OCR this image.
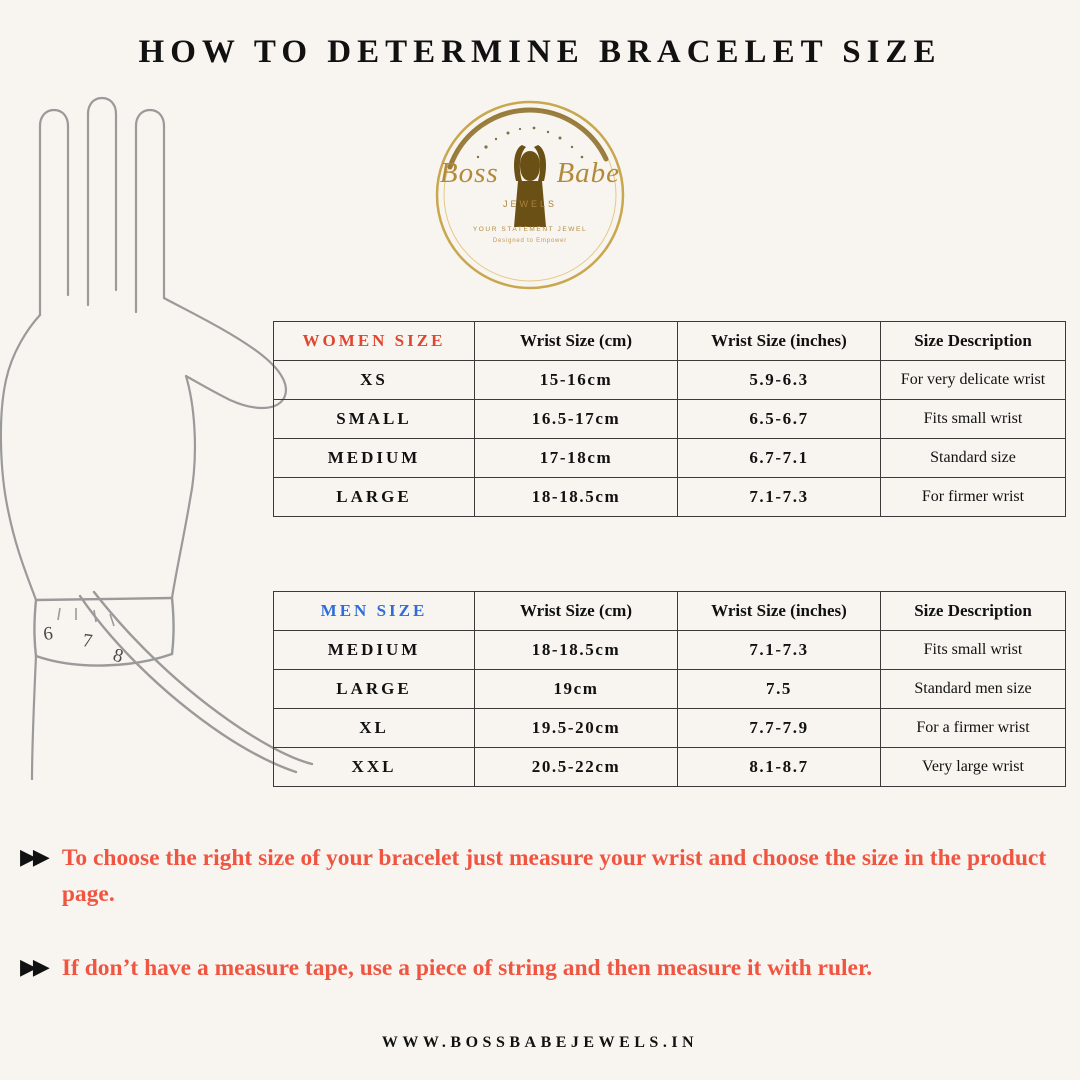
HOW TO DETERMINE BRACELET SIZE
6 7
8
Boss Babe
JEWELS
YOUR STATEMENT JEWEL
Designed to Empower
WOMEN SIZE	Wrist Size (cm)	Wrist Size (inches)	Size Description
XS	15-16cm	5.9-6.3	For very delicate wrist
SMALL	16.5-17cm	6.5-6.7	Fits small wrist
MEDIUM	17-18cm	6.7-7.1	Standard size
LARGE	18-18.5cm	7.1-7.3	For firmer wrist
MEN SIZE	Wrist Size (cm)	Wrist Size (inches)	Size Description
MEDIUM	18-18.5cm	7.1-7.3	Fits small wrist
LARGE	19cm	7.5	Standard men size
XL	19.5-20cm	7.7-7.9	For a firmer wrist
XXL	20.5-22cm	8.1-8.7	Very large wrist
▶▶ To choose the right size of your bracelet just measure your wrist and choose the size in the product page.
▶▶ If don’t have a measure tape, use a piece of string and then measure it with ruler.
WWW.BOSSBABEJEWELS.IN
